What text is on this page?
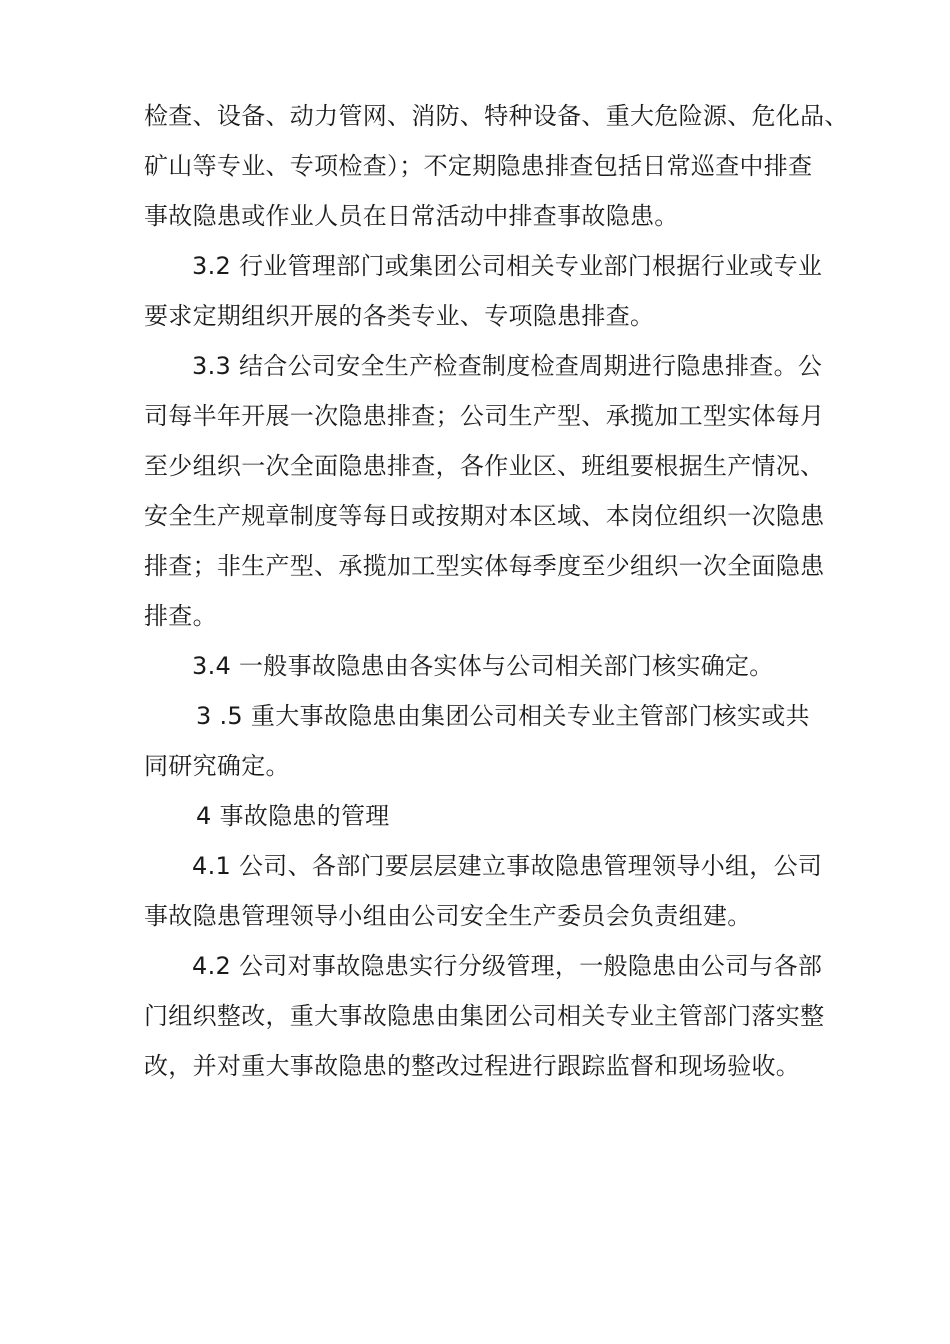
检查、设备、动力管网、消防、特种设备、重大危险源、危化品、
矿山等专业、专项检查）；不定期隐患排查包括日常巡查中排查
事故隐患或作业人员在日常活动中排查事故隐患。
3.2 行业管理部门或集团公司相关专业部门根据行业或专业
要求定期组织开展的各类专业、专项隐患排查。
3.3 结合公司安全生产检查制度检查周期进行隐患排查。公
司每半年开展一次隐患排查；公司生产型、承揽加工型实体每月
至少组织一次全面隐患排查，各作业区、班组要根据生产情况、
安全生产规章制度等每日或按期对本区域、本岗位组织一次隐患
排查；非生产型、承揽加工型实体每季度至少组织一次全面隐患
排查。
3.4 一般事故隐患由各实体与公司相关部门核实确定。
3 .5 重大事故隐患由集团公司相关专业主管部门核实或共
同研究确定。
4 事故隐患的管理
4.1 公司、各部门要层层建立事故隐患管理领导小组，公司
事故隐患管理领导小组由公司安全生产委员会负责组建。
4.2 公司对事故隐患实行分级管理，一般隐患由公司与各部
门组织整改，重大事故隐患由集团公司相关专业主管部门落实整
改，并对重大事故隐患的整改过程进行跟踪监督和现场验收。
